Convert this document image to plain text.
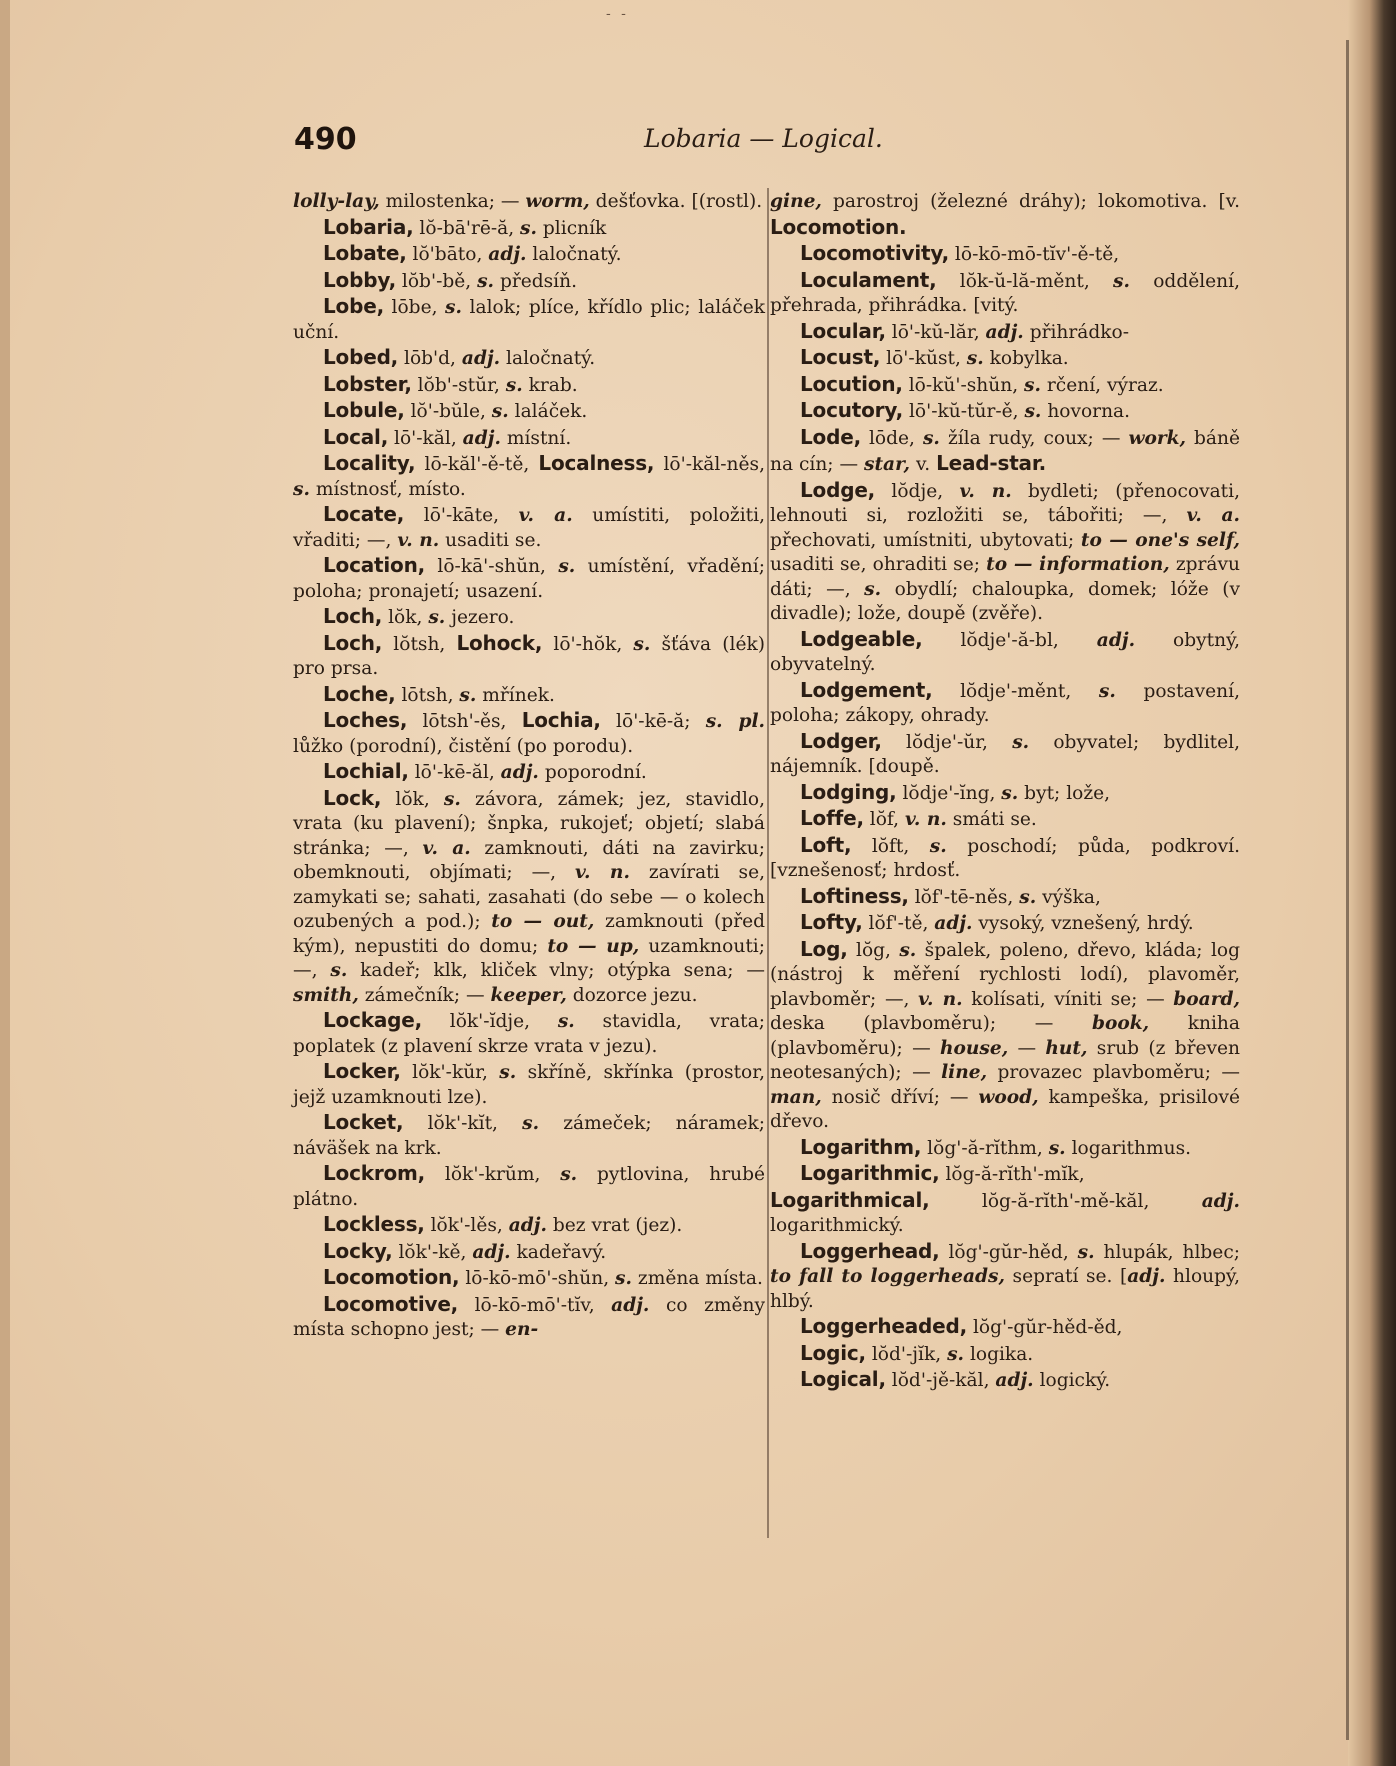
- -
490	Lobaria — Logical.

lolly-lay, milostenka; — worm, dešťovka. [(rostl).

Lobaria, lŏ-bā'rē-ă, s. plicník

Lobate, lŏ'bāto, adj. laločnatý.

Lobby, lŏb'-bě, s. předsíň.

Lobe, lōbe, s. lalok; plíce, křídlo plic; laláček uční.

Lobed, lōb'd, adj. laločnatý.

Lobster, lŏb'-stŭr, s. krab.

Lobule, lŏ'-bŭle, s. laláček.

Local, lō'-kăl, adj. místní.

Locality, lō-kăl'-ě-tě, Localness, lō'-kăl-něs, s. místnosť, místo.

Locate, lō'-kāte, v. a. umístiti, položiti, vřaditi; —, v. n. usaditi se.

Location, lō-kā'-shŭn, s. umístění, vřadění; poloha; pronajetí; usazení.

Loch, lŏk, s. jezero.

Loch, lŏtsh, Lohock, lō'-hŏk, s. šťáva (lék) pro prsa.

Loche, lōtsh, s. mřínek.

Loches, lōtsh'-ěs, Lochia, lō'-kē-ă; s. pl. lůžko (porodní), čistění (po porodu).

Lochial, lō'-kē-ăl, adj. poporodní.

Lock, lŏk, s. závora, zámek; jez, stavidlo, vrata (ku plavení); šnpka, rukojeť; objetí; slabá stránka; —, v. a. zamknouti, dáti na zavirku; obemknouti, objímati; —, v. n. zavírati se, zamykati se; sahati, zasahati (do sebe — o kolech ozubených a pod.); to — out, zamknouti (před kým), nepustiti do domu; to — up, uzamknouti; —, s. kadeř; klk, kliček vlny; otýpka sena; — smith, zámečník; — keeper, dozorce jezu.

Lockage, lŏk'-ĭdje, s. stavidla, vrata; poplatek (z plavení skrze vrata v jezu).

Locker, lŏk'-kŭr, s. skříně, skřínka (prostor, jejž uzamknouti lze).

Locket, lŏk'-kĭt, s. zámeček; náramek; náväšek na krk.

Lockrom, lŏk'-krŭm, s. pytlovina, hrubé plátno.

Lockless, lŏk'-lěs, adj. bez vrat (jez).

Locky, lŏk'-kě, adj. kadeřavý.

Locomotion, lō-kō-mō'-shŭn, s. změna místa.

Locomotive, lō-kō-mō'-tĭv, adj. co změny místa schopno jest; — en-

gine, parostroj (železné dráhy); lokomotiva. [v. Locomotion.

Locomotivity, lō-kō-mō-tĭv'-ě-tě,

Loculament, lŏk-ŭ-lă-měnt, s. oddělení, přehrada, přihrádka. [vitý.

Locular, lō'-kŭ-lăr, adj. přihrádko-

Locust, lō'-kŭst, s. kobylka.

Locution, lō-kŭ'-shŭn, s. rčení, výraz.

Locutory, lō'-kŭ-tŭr-ě, s. hovorna.

Lode, lōde, s. žíla rudy, coux; — work, báně na cín; — star, v. Lead-star.

Lodge, lŏdje, v. n. bydleti; (přenocovati, lehnouti si, rozložiti se, tábořiti; —, v. a. přechovati, umístniti, ubytovati; to — one's self, usaditi se, ohraditi se; to — information, zprávu dáti; —, s. obydlí; chaloupka, domek; lóže (v divadle); lože, doupě (zvěře).

Lodgeable, lŏdje'-ă-bl, adj. obytný, obyvatelný.

Lodgement, lŏdje'-měnt, s. postavení, poloha; zákopy, ohrady.

Lodger, lŏdje'-ŭr, s. obyvatel; bydlitel, nájemník. [doupě.

Lodging, lŏdje'-ĭng, s. byt; lože,

Loffe, lŏf, v. n. smáti se.

Loft, lŏft, s. poschodí; půda, podkroví. [vznešenosť; hrdosť.

Loftiness, lŏf'-tē-něs, s. výška,

Lofty, lŏf'-tě, adj. vysoký, vznešený, hrdý.

Log, lŏg, s. špalek, poleno, dřevo, kláda; log (nástroj k měření rychlosti lodí), plavoměr, plavboměr; —, v. n. kolísati, víniti se; — board, deska (plavboměru); — book, kniha (plavboměru); — house, — hut, srub (z břeven neotesaných); — line, provazec plavboměru; — man, nosič dříví; — wood, kampeška, prisilové dřevo.

Logarithm, lŏg'-ă-rĭthm, s. logarithmus.

Logarithmic, lŏg-ă-rĭth'-mĭk,

Logarithmical, lŏg-ă-rĭth'-mě-kăl, adj. logarithmický.

Loggerhead, lŏg'-gŭr-hěd, s. hlupák, hlbec; to fall to loggerheads, sepratí se. [adj. hloupý, hlbý.

Loggerheaded, lŏg'-gŭr-hěd-ěd,

Logic, lŏd'-jĭk, s. logika.

Logical, lŏd'-jě-kăl, adj. logický.
